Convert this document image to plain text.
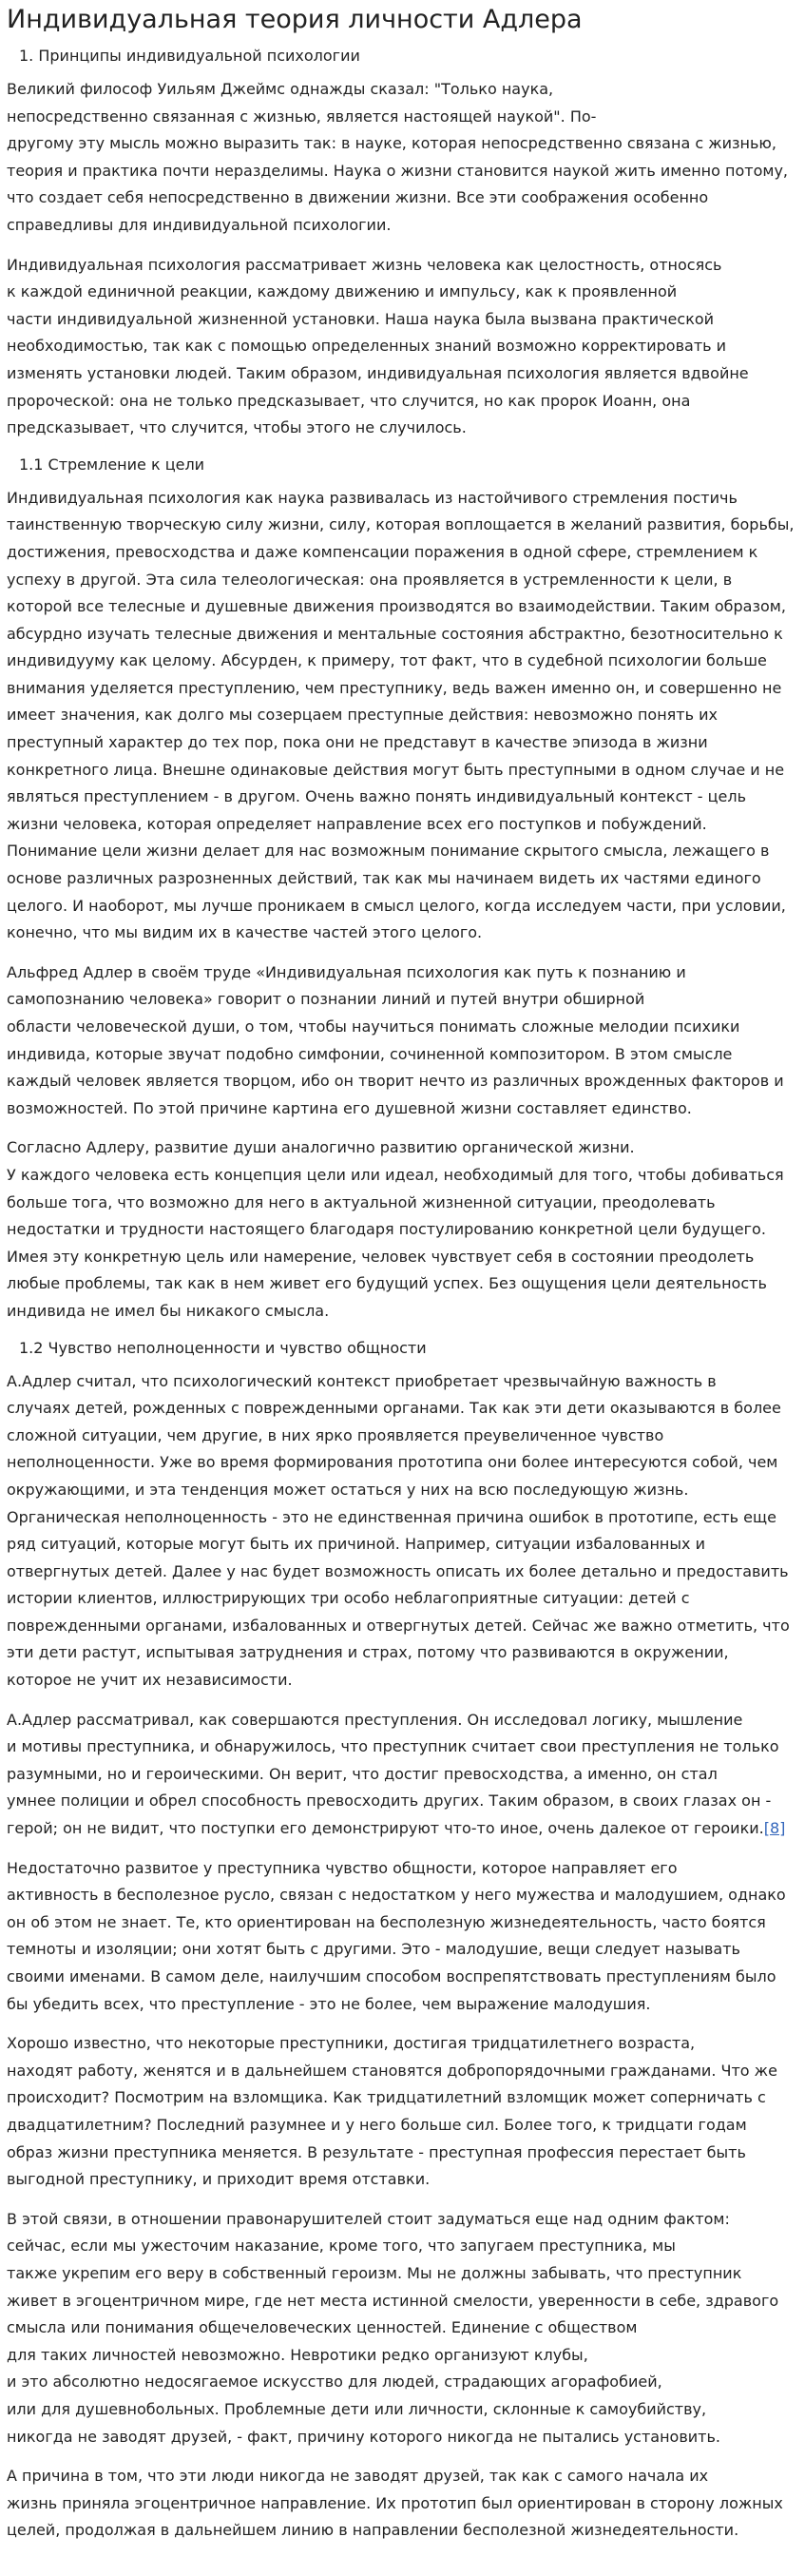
Индивидуальная теория личности Адлера
1. Принципы индивидуальной психологии

Великий философ Уильям Джеймс однажды сказал: "Только наука,
непосредственно связанная с жизнью, является настоящей наукой". По-
другому эту мысль можно выразить так: в науке, которая непосредственно связана с жизнью,
теория и практика почти неразделимы. Наука о жизни становится наукой жить именно потому,
что создает себя непосредственно в движении жизни. Все эти соображения особенно
справедливы для индивидуальной психологии.

Индивидуальная психология рассматривает жизнь человека как целостность, относясь
к каждой единичной реакции, каждому движению и импульсу, как к проявленной
части индивидуальной жизненной установки. Наша наука была вызвана практической
необходимостью, так как с помощью определенных знаний возможно корректировать и
изменять установки людей. Таким образом, индивидуальная психология является вдвойне
пророческой: она не только предсказывает, что случится, но как пророк Иоанн, она
предсказывает, что случится, чтобы этого не случилось.

1.1 Стремление к цели

Индивидуальная психология как наука развивалась из настойчивого стремления постичь
таинственную творческую силу жизни, силу, которая воплощается в желаний развития, борьбы,
достижения, превосходства и даже компенсации поражения в одной сфере, стремлением к
успеху в другой. Эта сила телеологическая: она проявляется в устремленности к цели, в
которой все телесные и душевные движения производятся во взаимодействии. Таким образом,
абсурдно изучать телесные движения и ментальные состояния абстрактно, безотносительно к
индивидууму как целому. Абсурден, к примеру, тот факт, что в судебной психологии больше
внимания уделяется преступлению, чем преступнику, ведь важен именно он, и совершенно не
имеет значения, как долго мы созерцаем преступные действия: невозможно понять их
преступный характер до тех пор, пока они не представут в качестве эпизода в жизни
конкретного лица. Внешне одинаковые действия могут быть преступными в одном случае и не
являться преступлением - в другом. Очень важно понять индивидуальный контекст - цель
жизни человека, которая определяет направление всех его поступков и побуждений.
Понимание цели жизни делает для нас возможным понимание скрытого смысла, лежащего в
основе различных разрозненных действий, так как мы начинаем видеть их частями единого
целого. И наоборот, мы лучше проникаем в смысл целого, когда исследуем части, при условии,
конечно, что мы видим их в качестве частей этого целого.

Альфред Адлер в своём труде «Индивидуальная психология как путь к познанию и
самопознанию человека» говорит о познании линий и путей внутри обширной
области человеческой души, о том, чтобы научиться понимать сложные мелодии психики
индивида, которые звучат подобно симфонии, сочиненной композитором. В этом смысле
каждый человек является творцом, ибо он творит нечто из различных врожденных факторов и
возможностей. По этой причине картина его душевной жизни составляет единство.

Согласно Адлеру, развитие души аналогично развитию органической жизни.
У каждого человека есть концепция цели или идеал, необходимый для того, чтобы добиваться
больше тога, что возможно для него в актуальной жизненной ситуации, преодолевать
недостатки и трудности настоящего благодаря постулированию конкретной цели будущего.
Имея эту конкретную цель или намерение, человек чувствует себя в состоянии преодолеть
любые проблемы, так как в нем живет его будущий успех. Без ощущения цели деятельность
индивида не имел бы никакого смысла.

1.2 Чувство неполноценности и чувство общности

А.Адлер считал, что психологический контекст приобретает чрезвычайную важность в
случаях детей, рожденных с поврежденными органами. Так как эти дети оказываются в более
сложной ситуации, чем другие, в них ярко проявляется преувеличенное чувство
неполноценности. Уже во время формирования прототипа они более интересуются собой, чем
окружающими, и эта тенденция может остаться у них на всю последующую жизнь.
Органическая неполноценность - это не единственная причина ошибок в прототипе, есть еще
ряд ситуаций, которые могут быть их причиной. Например, ситуации избалованных и
отвергнутых детей. Далее у нас будет возможность описать их более детально и предоставить
истории клиентов, иллюстрирующих три особо неблагоприятные ситуации: детей с
поврежденными органами, избалованных и отвергнутых детей. Сейчас же важно отметить, что
эти дети растут, испытывая затруднения и страх, потому что развиваются в окружении,
которое не учит их независимости.

А.Адлер рассматривал, как совершаются преступления. Он исследовал логику, мышление
и мотивы преступника, и обнаружилось, что преступник считает свои преступления не только
разумными, но и героическими. Он верит, что достиг превосходства, а именно, он стал
умнее полиции и обрел способность превосходить других. Таким образом, в своих глазах он -
герой; он не видит, что поступки его демонстрируют что-то иное, очень далекое от героики.[8]

Недостаточно развитое у преступника чувство общности, которое направляет его
активность в бесполезное русло, связан с недостатком у него мужества и малодушием, однако
он об этом не знает. Те, кто ориентирован на бесполезную жизнедеятельность, часто боятся
темноты и изоляции; они хотят быть с другими. Это - малодушие, вещи следует называть
своими именами. В самом деле, наилучшим способом воспрепятствовать преступлениям было
бы убедить всех, что преступление - это не более, чем выражение малодушия.

Хорошо известно, что некоторые преступники, достигая тридцатилетнего возраста,
находят работу, женятся и в дальнейшем становятся добропорядочными гражданами. Что же
происходит? Посмотрим на взломщика. Как тридцатилетний взломщик может соперничать с
двадцатилетним? Последний разумнее и у него больше сил. Более того, к тридцати годам
образ жизни преступника меняется. В результате - преступная профессия перестает быть
выгодной преступнику, и приходит время отставки.

В этой связи, в отношении правонарушителей стоит задуматься еще над одним фактом:
сейчас, если мы ужесточим наказание, кроме того, что запугаем преступника, мы
также укрепим его веру в собственный героизм. Мы не должны забывать, что преступник
живет в эгоцентричном мире, где нет места истинной смелости, уверенности в себе, здравого
смысла или понимания общечеловеческих ценностей. Единение с обществом
для таких личностей невозможно. Невротики редко организуют клубы,
и это абсолютно недосягаемое искусство для людей, страдающих агорафобией,
или для душевнобольных. Проблемные дети или личности, склонные к самоубийству,
никогда не заводят друзей, - факт, причину которого никогда не пытались установить.

А причина в том, что эти люди никогда не заводят друзей, так как с самого начала их
жизнь приняла эгоцентричное направление. Их прототип был ориентирован в сторону ложных
целей, продолжая в дальнейшем линию в направлении бесполезной жизнедеятельности.
